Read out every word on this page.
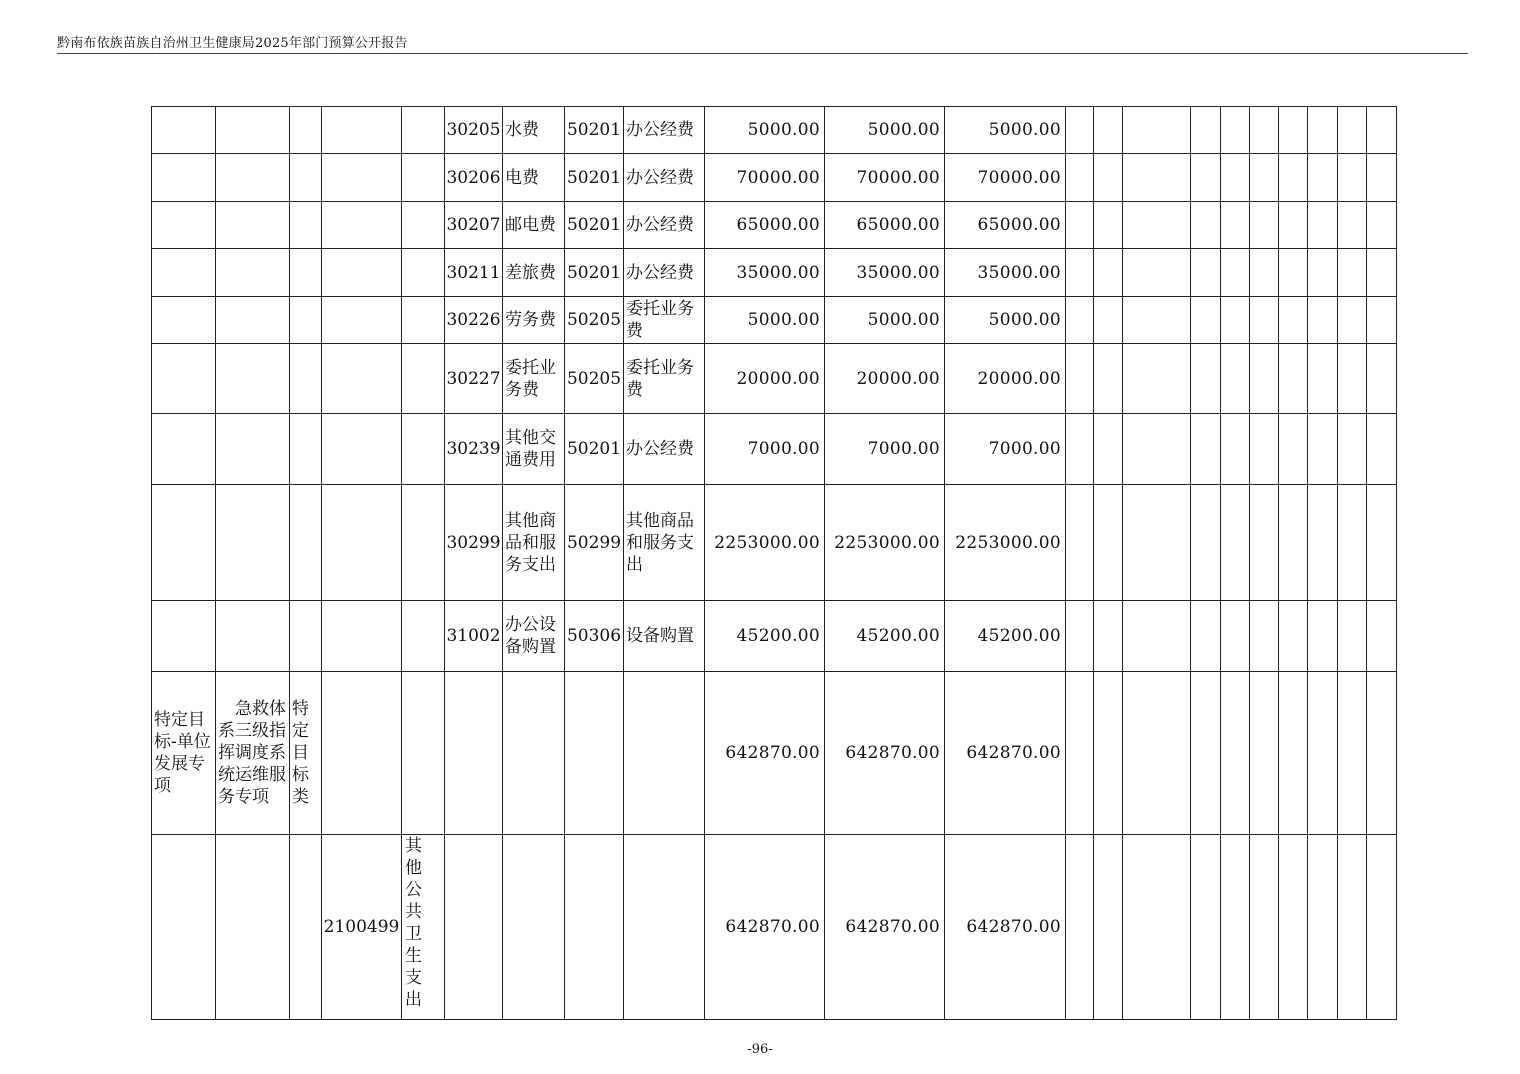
黔南布依族苗族自治州卫生健康局2025年部门预算公开报告
					30205	水费	50201	办公经费	5000.00	5000.00	5000.00										
					30206	电费	50201	办公经费	70000.00	70000.00	70000.00										
					30207	邮电费	50201	办公经费	65000.00	65000.00	65000.00										
					30211	差旅费	50201	办公经费	35000.00	35000.00	35000.00										
					30226	劳务费	50205	委托业务费	5000.00	5000.00	5000.00										
					30227	委托业务费	50205	委托业务费	20000.00	20000.00	20000.00										
					30239	其他交通费用	50201	办公经费	7000.00	7000.00	7000.00										
					30299	其他商品和服务支出	50299	其他商品和服务支出	2253000.00	2253000.00	2253000.00										
					31002	办公设备购置	50306	设备购置	45200.00	45200.00	45200.00										
特定目标-单位发展专项	急救体系三级指挥调度系统运维服务专项	特定目标类							642870.00	642870.00	642870.00										
			2100499	其他公共卫生支出					642870.00	642870.00	642870.00										
-96-
